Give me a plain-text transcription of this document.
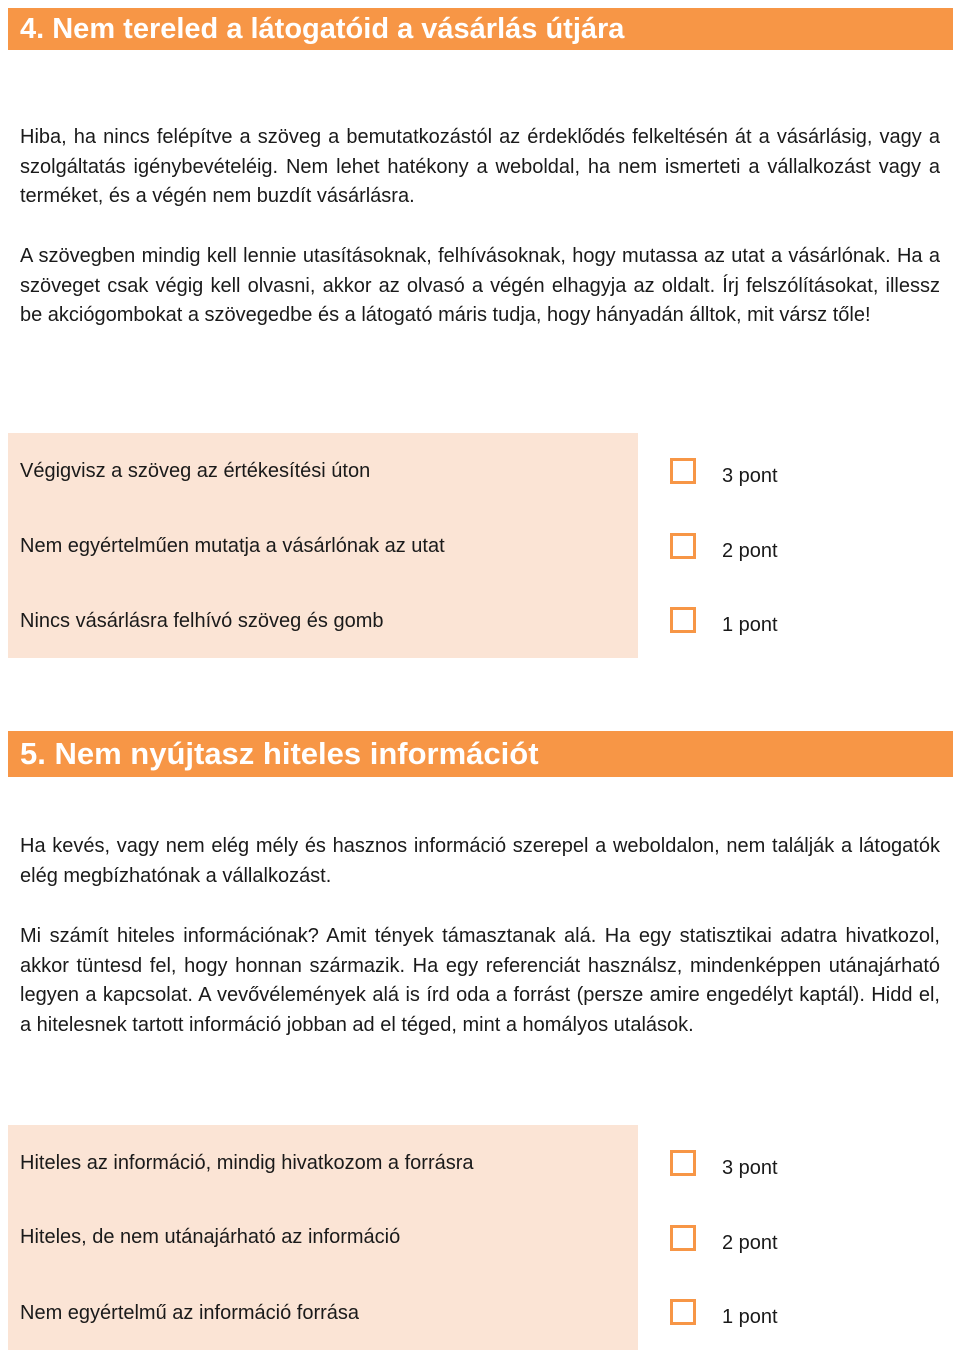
4. Nem tereled a látogatóid a vásárlás útjára

Hiba, ha nincs felépítve a szöveg a bemutatkozástól az érdeklődés felkeltésén át a vásárlásig, vagy a szolgáltatás igénybevételéig. Nem lehet hatékony a weboldal, ha nem ismerteti a vállalkozást vagy a terméket, és a végén nem buzdít vásárlásra.

A szövegben mindig kell lennie utasításoknak, felhívásoknak, hogy mutassa az utat a vásárlónak. Ha a szöveget csak végig kell olvasni, akkor az olvasó a végén elhagyja az oldalt. Írj felszólításokat, illessz be akciógombokat a szövegedbe és a látogató máris tudja, hogy hányadán álltok, mit vársz tőle!

Végigvisz a szöveg az értékesítési úton	3 pont
Nem egyértelműen mutatja a vásárlónak az utat	2 pont
Nincs vásárlásra felhívó szöveg és gomb	1 pont
5. Nem nyújtasz hiteles információt

Ha kevés, vagy nem elég mély és hasznos információ szerepel a weboldalon, nem találják a látogatók elég megbízhatónak a vállalkozást.

Mi számít hiteles információnak? Amit tények támasztanak alá. Ha egy statisztikai adatra hivatkozol, akkor tüntesd fel, hogy honnan származik. Ha egy referenciát használsz, mindenképpen utánajárható legyen a kapcsolat. A vevővélemények alá is írd oda a forrást (persze amire engedélyt kaptál). Hidd el, a hitelesnek tartott információ jobban ad el téged, mint a homályos utalások.

Hiteles az információ, mindig hivatkozom a forrásra	3 pont
Hiteles, de nem utánajárható az információ	2 pont
Nem egyértelmű az információ forrása	1 pont
